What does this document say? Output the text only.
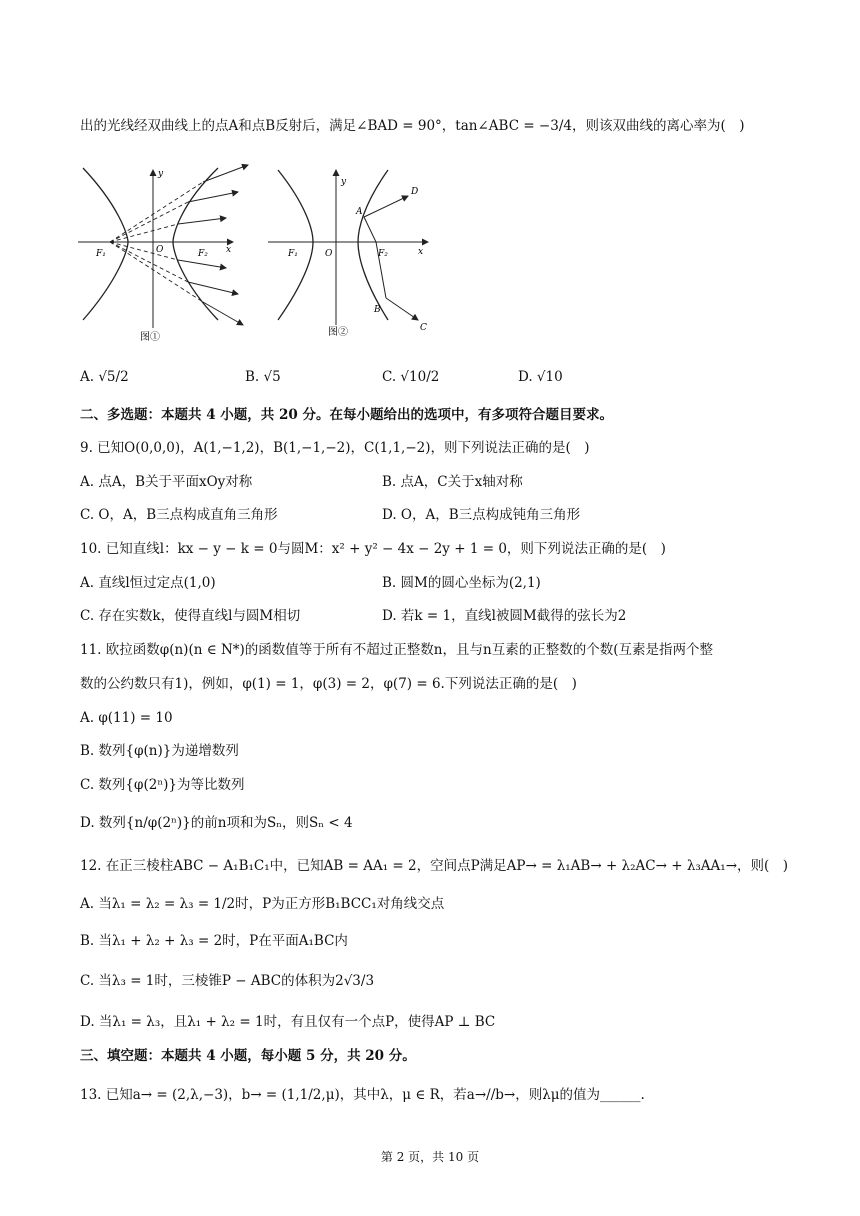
出的光线经双曲线上的点A和点B反射后，满足∠BAD = 90°，tan∠ABC = −3/4，则该双曲线的离心率为(　)
y
x
O
F₁	F₂
图①
y
x
O
F₁	F₂
A
B
C
D
图②
A. √5/2	B. √5	C. √10/2	D. √10
二、多选题：本题共 4 小题，共 20 分。在每小题给出的选项中，有多项符合题目要求。
9. 已知O(0,0,0)，A(1,−1,2)，B(1,−1,−2)，C(1,1,−2)，则下列说法正确的是(　)
A. 点A，B关于平面xOy对称	B. 点A，C关于x轴对称
C. O，A，B三点构成直角三角形	D. O，A，B三点构成钝角三角形
10. 已知直线l：kx − y − k = 0与圆M：x² + y² − 4x − 2y + 1 = 0，则下列说法正确的是(　)
A. 直线l恒过定点(1,0)	B. 圆M的圆心坐标为(2,1)
C. 存在实数k，使得直线l与圆M相切	D. 若k = 1，直线l被圆M截得的弦长为2
11. 欧拉函数φ(n)(n ∈ N*)的函数值等于所有不超过正整数n，且与n互素的正整数的个数(互素是指两个整
数的公约数只有1)，例如，φ(1) = 1，φ(3) = 2，φ(7) = 6.下列说法正确的是(　)
A. φ(11) = 10
B. 数列{φ(n)}为递增数列
C. 数列{φ(2ⁿ)}为等比数列
D. 数列{n/φ(2ⁿ)}的前n项和为Sₙ，则Sₙ < 4
12. 在正三棱柱ABC − A₁B₁C₁中，已知AB = AA₁ = 2，空间点P满足AP→ = λ₁AB→ + λ₂AC→ + λ₃AA₁→，则(　)
A. 当λ₁ = λ₂ = λ₃ = 1/2时，P为正方形B₁BCC₁对角线交点
B. 当λ₁ + λ₂ + λ₃ = 2时，P在平面A₁BC内
C. 当λ₃ = 1时，三棱锥P − ABC的体积为2√3/3
D. 当λ₁ = λ₃，且λ₁ + λ₂ = 1时，有且仅有一个点P，使得AP ⊥ BC
三、填空题：本题共 4 小题，每小题 5 分，共 20 分。
13. 已知a→ = (2,λ,−3)，b→ = (1,1/2,μ)，其中λ，μ ∈ R，若a→//b→，则λμ的值为______.
第 2 页，共 10 页
